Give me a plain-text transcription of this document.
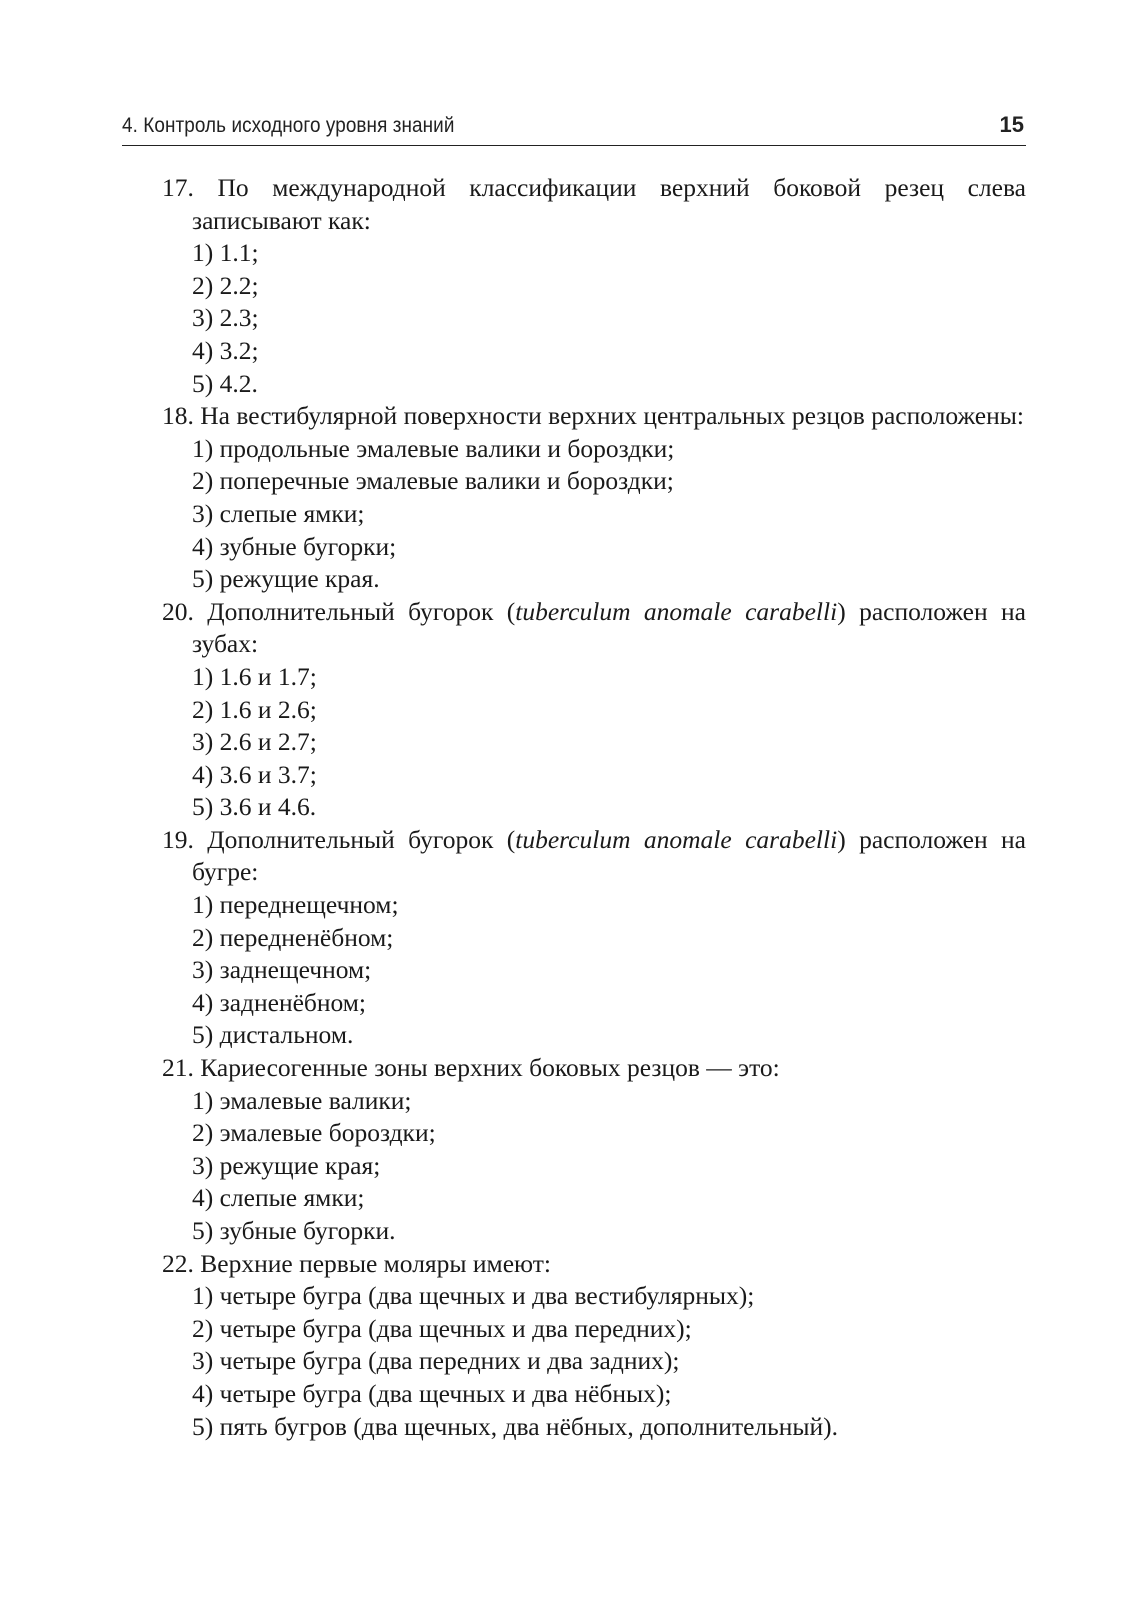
4. Контроль исходного уровня знаний	15
17. По международной классификации верхний боковой резец слева записывают как:
1) 1.1;
2) 2.2;
3) 2.3;
4) 3.2;
5) 4.2.
18. На вестибулярной поверхности верхних центральных резцов расположены:
1) продольные эмалевые валики и бороздки;
2) поперечные эмалевые валики и бороздки;
3) слепые ямки;
4) зубные бугорки;
5) режущие края.
20. Дополнительный бугорок (tuberculum anomale carabelli) расположен на зубах:
1) 1.6 и 1.7;
2) 1.6 и 2.6;
3) 2.6 и 2.7;
4) 3.6 и 3.7;
5) 3.6 и 4.6.
19. Дополнительный бугорок (tuberculum anomale carabelli) расположен на бугре:
1) переднещечном;
2) передненёбном;
3) заднещечном;
4) задненёбном;
5) дистальном.
21. Кариесогенные зоны верхних боковых резцов — это:
1) эмалевые валики;
2) эмалевые бороздки;
3) режущие края;
4) слепые ямки;
5) зубные бугорки.
22. Верхние первые моляры имеют:
1) четыре бугра (два щечных и два вестибулярных);
2) четыре бугра (два щечных и два передних);
3) четыре бугра (два передних и два задних);
4) четыре бугра (два щечных и два нёбных);
5) пять бугров (два щечных, два нёбных, дополнительный).
